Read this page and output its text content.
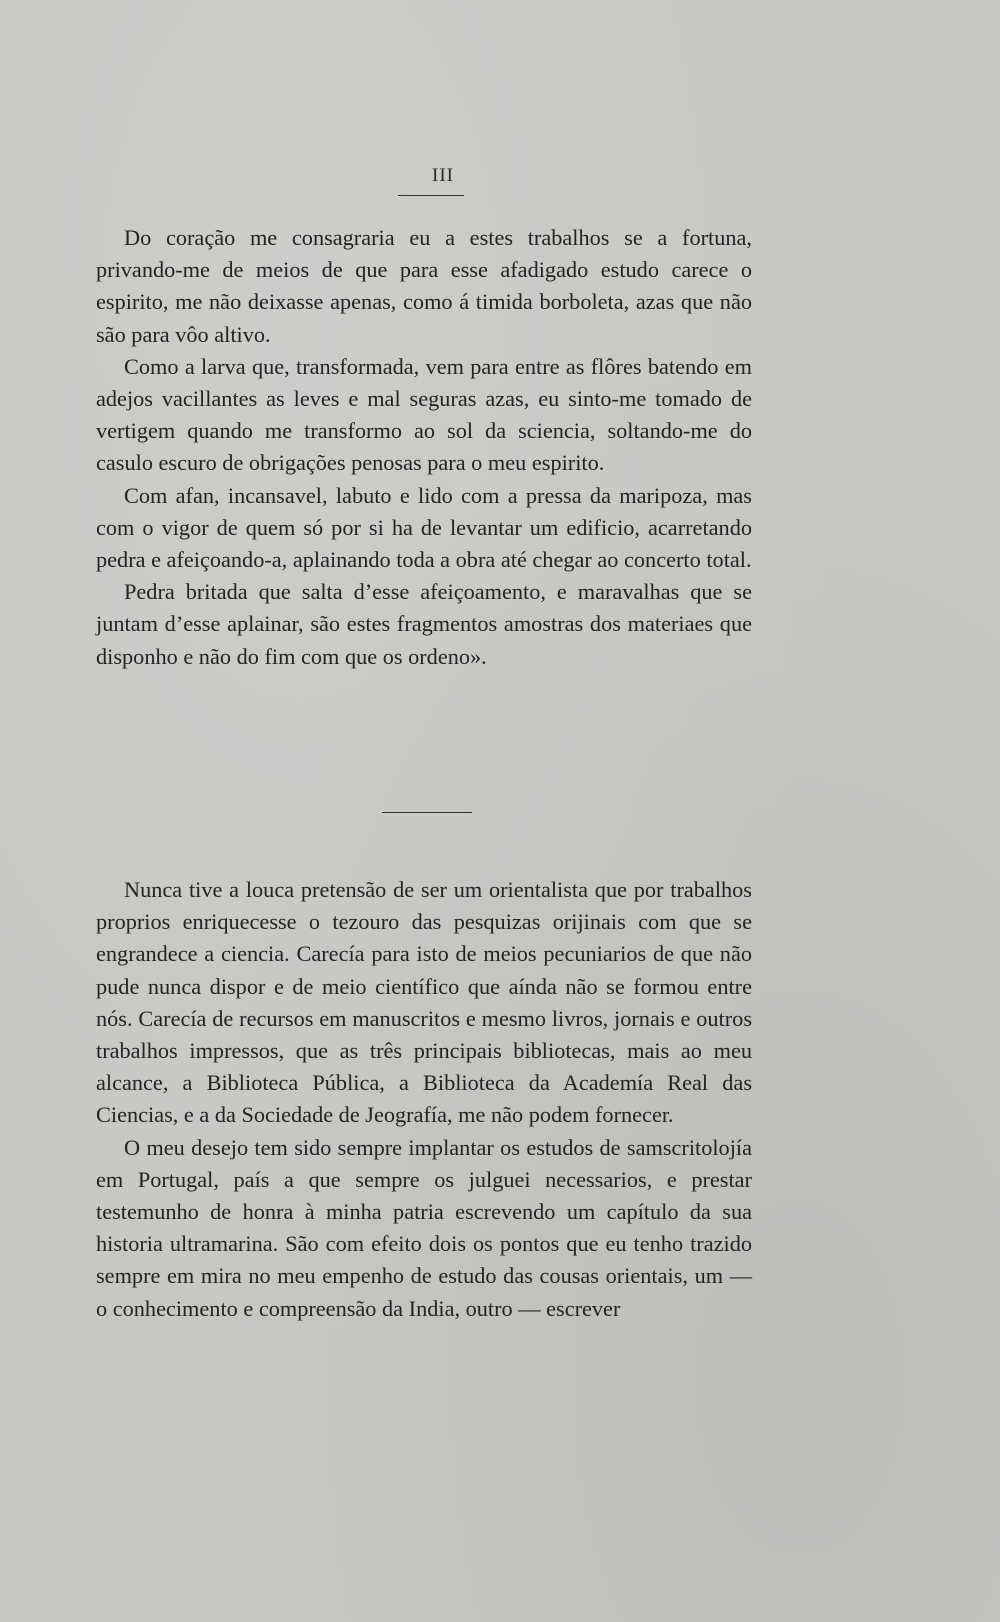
III

Do coração me consagraria eu a estes trabalhos se a fortuna, privando-me de meios de que para esse afadigado estudo carece o espirito, me não deixasse apenas, como á timida borboleta, azas que não são para vôo altivo.

Como a larva que, transformada, vem para entre as flôres batendo em adejos vacillantes as leves e mal seguras azas, eu sinto-me tomado de vertigem quando me transformo ao sol da sciencia, soltando-me do casulo escuro de obrigações penosas para o meu espirito.

Com afan, incansavel, labuto e lido com a pressa da maripoza, mas com o vigor de quem só por si ha de levantar um edificio, acarretando pedra e afeiçoando-a, aplainando toda a obra até chegar ao concerto total.

Pedra britada que salta d’esse afeiçoamento, e maravalhas que se juntam d’esse aplainar, são estes fragmentos amostras dos materiaes que disponho e não do fim com que os ordeno».

Nunca tive a louca pretensão de ser um orientalista que por trabalhos proprios enriquecesse o tezouro das pesquizas orijinais com que se engrandece a ciencia. Carecía para isto de meios pecuniarios de que não pude nunca dispor e de meio científico que aínda não se formou entre nós. Carecía de recursos em manuscritos e mesmo livros, jornais e outros trabalhos impressos, que as três principais bibliotecas, mais ao meu alcance, a Biblioteca Pública, a Biblioteca da Academía Real das Ciencias, e a da Sociedade de Jeografía, me não podem fornecer.

O meu desejo tem sido sempre implantar os estudos de samscritolojía em Portugal, país a que sempre os julguei necessarios, e prestar testemunho de honra à minha patria escrevendo um capítulo da sua historia ultramarina. São com efeito dois os pontos que eu tenho trazido sempre em mira no meu empenho de estudo das cousas orientais, um — o conhecimento e compreensão da India, outro — escrever
